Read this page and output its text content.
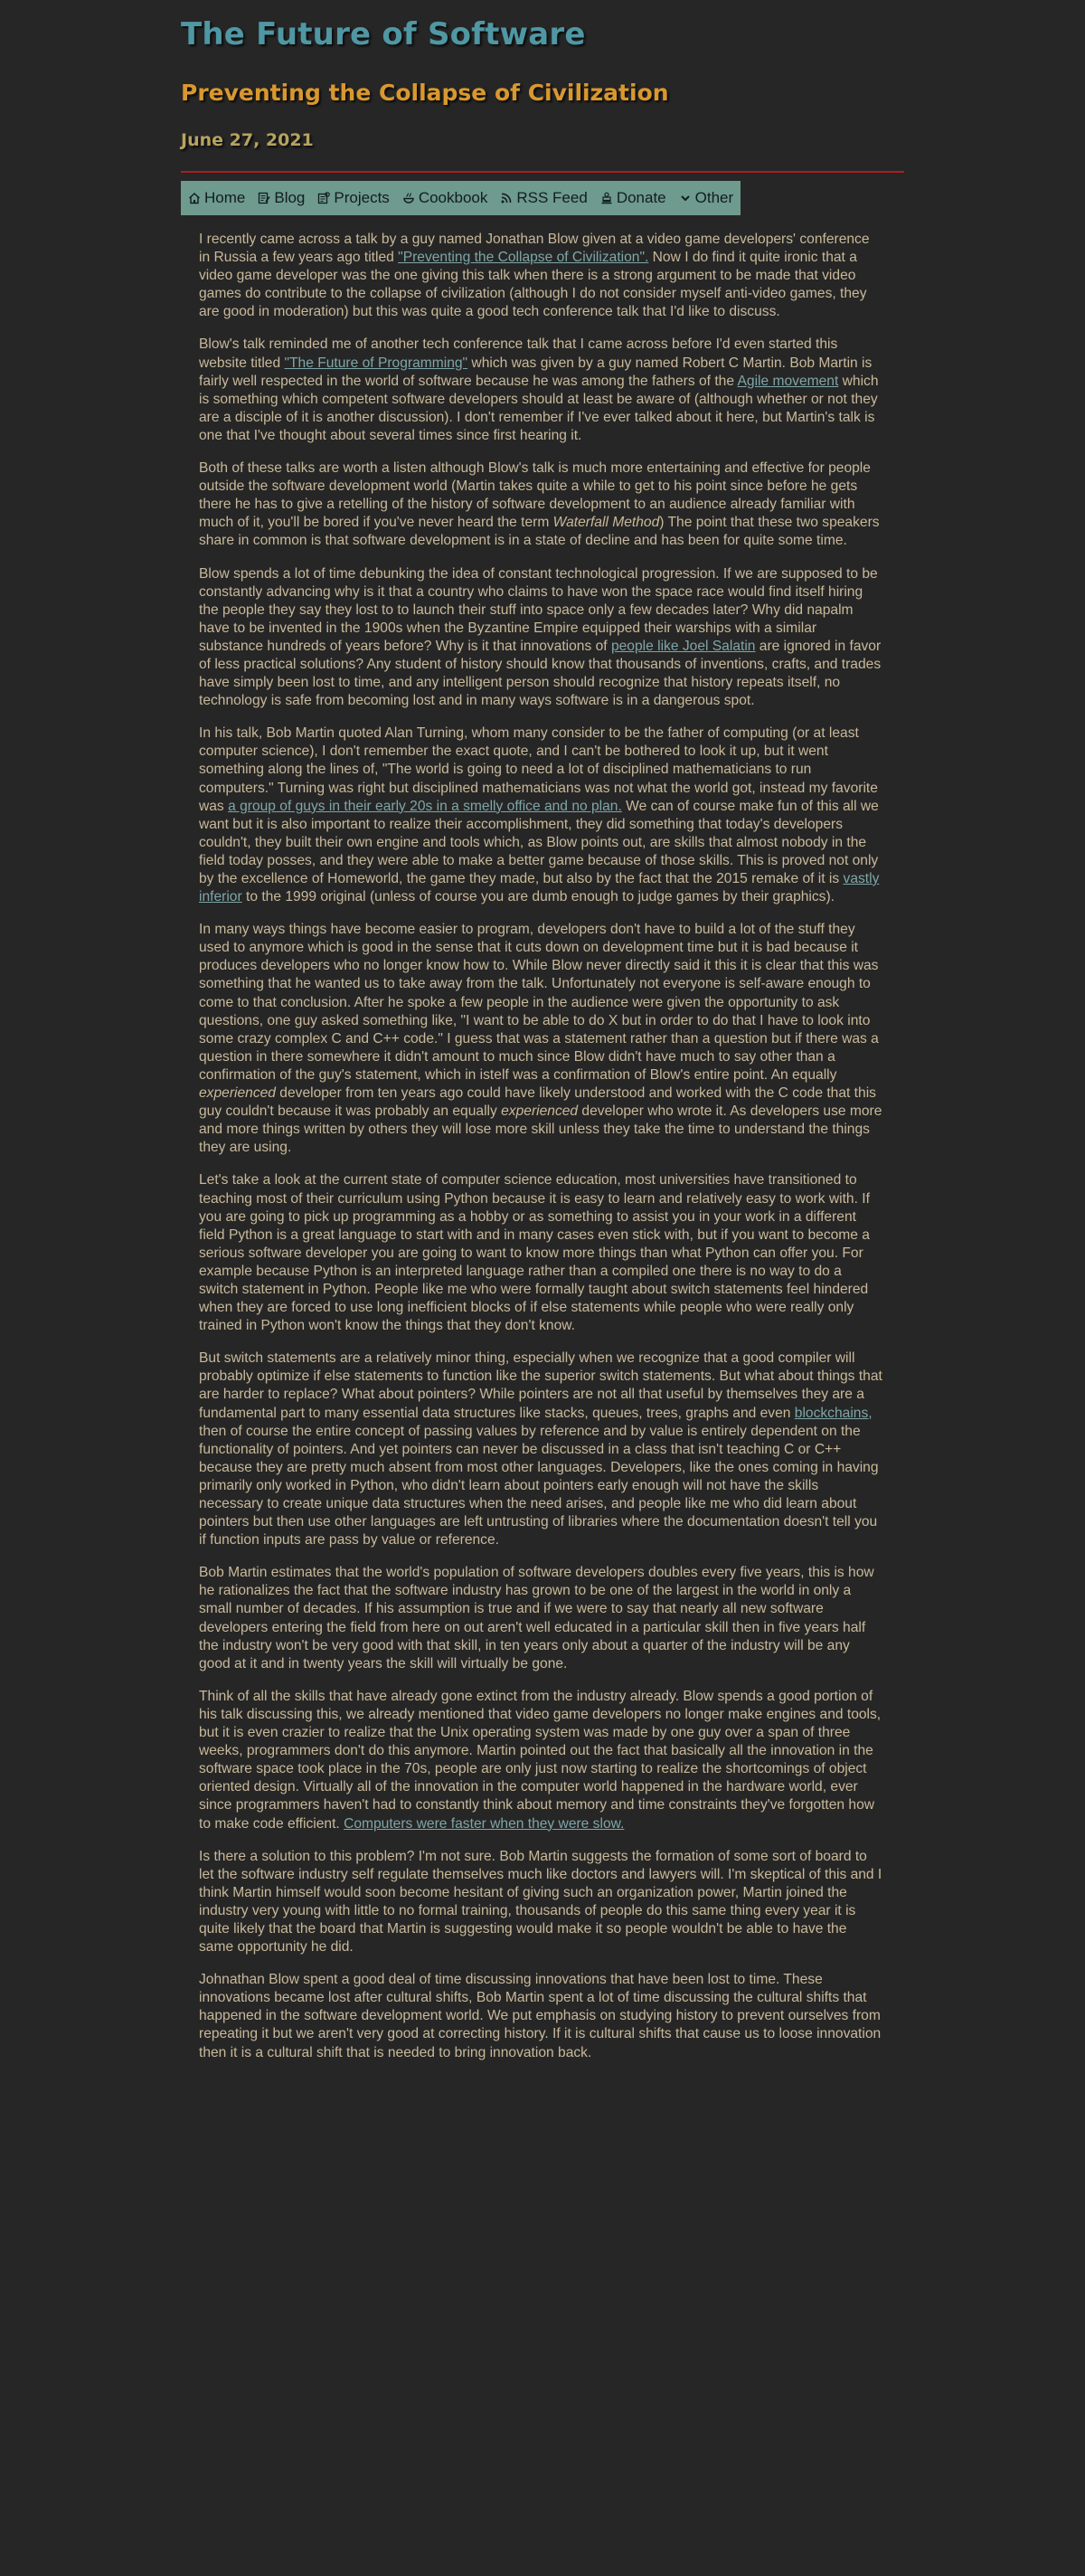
The Future of Software
Preventing the Collapse of Civilization
June 27, 2021
Home Blog Projects Cookbook RSS Feed Donate Other

I recently came across a talk by a guy named Jonathan Blow given at a video game developers' conference in Russia a few years ago titled "Preventing the Collapse of Civilization". Now I do find it quite ironic that a video game developer was the one giving this talk when there is a strong argument to be made that video games do contribute to the collapse of civilization (although I do not consider myself anti-video games, they are good in moderation) but this was quite a good tech conference talk that I'd like to discuss.

Blow's talk reminded me of another tech conference talk that I came across before I'd even started this website titled "The Future of Programming" which was given by a guy named Robert C Martin. Bob Martin is fairly well respected in the world of software because he was among the fathers of the Agile movement which is something which competent software developers should at least be aware of (although whether or not they are a disciple of it is another discussion). I don't remember if I've ever talked about it here, but Martin's talk is one that I've thought about several times since first hearing it.

Both of these talks are worth a listen although Blow's talk is much more entertaining and effective for people outside the software development world (Martin takes quite a while to get to his point since before he gets there he has to give a retelling of the history of software development to an audience already familiar with much of it, you'll be bored if you've never heard the term Waterfall Method) The point that these two speakers share in common is that software development is in a state of decline and has been for quite some time.

Blow spends a lot of time debunking the idea of constant technological progression. If we are supposed to be constantly advancing why is it that a country who claims to have won the space race would find itself hiring the people they say they lost to to launch their stuff into space only a few decades later? Why did napalm have to be invented in the 1900s when the Byzantine Empire equipped their warships with a similar substance hundreds of years before? Why is it that innovations of people like Joel Salatin are ignored in favor of less practical solutions? Any student of history should know that thousands of inventions, crafts, and trades have simply been lost to time, and any intelligent person should recognize that history repeats itself, no technology is safe from becoming lost and in many ways software is in a dangerous spot.

In his talk, Bob Martin quoted Alan Turning, whom many consider to be the father of computing (or at least computer science), I don't remember the exact quote, and I can't be bothered to look it up, but it went something along the lines of, "The world is going to need a lot of disciplined mathematicians to run computers." Turning was right but disciplined mathematicians was not what the world got, instead my favorite was a group of guys in their early 20s in a smelly office and no plan. We can of course make fun of this all we want but it is also important to realize their accomplishment, they did something that today's developers couldn't, they built their own engine and tools which, as Blow points out, are skills that almost nobody in the field today posses, and they were able to make a better game because of those skills. This is proved not only by the excellence of Homeworld, the game they made, but also by the fact that the 2015 remake of it is vastly inferior to the 1999 original (unless of course you are dumb enough to judge games by their graphics).

In many ways things have become easier to program, developers don't have to build a lot of the stuff they used to anymore which is good in the sense that it cuts down on development time but it is bad because it produces developers who no longer know how to. While Blow never directly said it this it is clear that this was something that he wanted us to take away from the talk. Unfortunately not everyone is self-aware enough to come to that conclusion. After he spoke a few people in the audience were given the opportunity to ask questions, one guy asked something like, "I want to be able to do X but in order to do that I have to look into some crazy complex C and C++ code." I guess that was a statement rather than a question but if there was a question in there somewhere it didn't amount to much since Blow didn't have much to say other than a confirmation of the guy's statement, which in istelf was a confirmation of Blow's entire point. An equally experienced developer from ten years ago could have likely understood and worked with the C code that this guy couldn't because it was probably an equally experienced developer who wrote it. As developers use more and more things written by others they will lose more skill unless they take the time to understand the things they are using.

Let's take a look at the current state of computer science education, most universities have transitioned to teaching most of their curriculum using Python because it is easy to learn and relatively easy to work with. If you are going to pick up programming as a hobby or as something to assist you in your work in a different field Python is a great language to start with and in many cases even stick with, but if you want to become a serious software developer you are going to want to know more things than what Python can offer you. For example because Python is an interpreted language rather than a compiled one there is no way to do a switch statement in Python. People like me who were formally taught about switch statements feel hindered when they are forced to use long inefficient blocks of if else statements while people who were really only trained in Python won't know the things that they don't know.

But switch statements are a relatively minor thing, especially when we recognize that a good compiler will probably optimize if else statements to function like the superior switch statements. But what about things that are harder to replace? What about pointers? While pointers are not all that useful by themselves they are a fundamental part to many essential data structures like stacks, queues, trees, graphs and even blockchains, then of course the entire concept of passing values by reference and by value is entirely dependent on the functionality of pointers. And yet pointers can never be discussed in a class that isn't teaching C or C++ because they are pretty much absent from most other languages. Developers, like the ones coming in having primarily only worked in Python, who didn't learn about pointers early enough will not have the skills necessary to create unique data structures when the need arises, and people like me who did learn about pointers but then use other languages are left untrusting of libraries where the documentation doesn't tell you if function inputs are pass by value or reference.

Bob Martin estimates that the world's population of software developers doubles every five years, this is how he rationalizes the fact that the software industry has grown to be one of the largest in the world in only a small number of decades. If his assumption is true and if we were to say that nearly all new software developers entering the field from here on out aren't well educated in a particular skill then in five years half the industry won't be very good with that skill, in ten years only about a quarter of the industry will be any good at it and in twenty years the skill will virtually be gone.

Think of all the skills that have already gone extinct from the industry already. Blow spends a good portion of his talk discussing this, we already mentioned that video game developers no longer make engines and tools, but it is even crazier to realize that the Unix operating system was made by one guy over a span of three weeks, programmers don't do this anymore. Martin pointed out the fact that basically all the innovation in the software space took place in the 70s, people are only just now starting to realize the shortcomings of object oriented design. Virtually all of the innovation in the computer world happened in the hardware world, ever since programmers haven't had to constantly think about memory and time constraints they've forgotten how to make code efficient. Computers were faster when they were slow.

Is there a solution to this problem? I'm not sure. Bob Martin suggests the formation of some sort of board to let the software industry self regulate themselves much like doctors and lawyers will. I'm skeptical of this and I think Martin himself would soon become hesitant of giving such an organization power, Martin joined the industry very young with little to no formal training, thousands of people do this same thing every year it is quite likely that the board that Martin is suggesting would make it so people wouldn't be able to have the same opportunity he did.

Johnathan Blow spent a good deal of time discussing innovations that have been lost to time. These innovations became lost after cultural shifts, Bob Martin spent a lot of time discussing the cultural shifts that happened in the software development world. We put emphasis on studying history to prevent ourselves from repeating it but we aren't very good at correcting history. If it is cultural shifts that cause us to loose innovation then it is a cultural shift that is needed to bring innovation back.
